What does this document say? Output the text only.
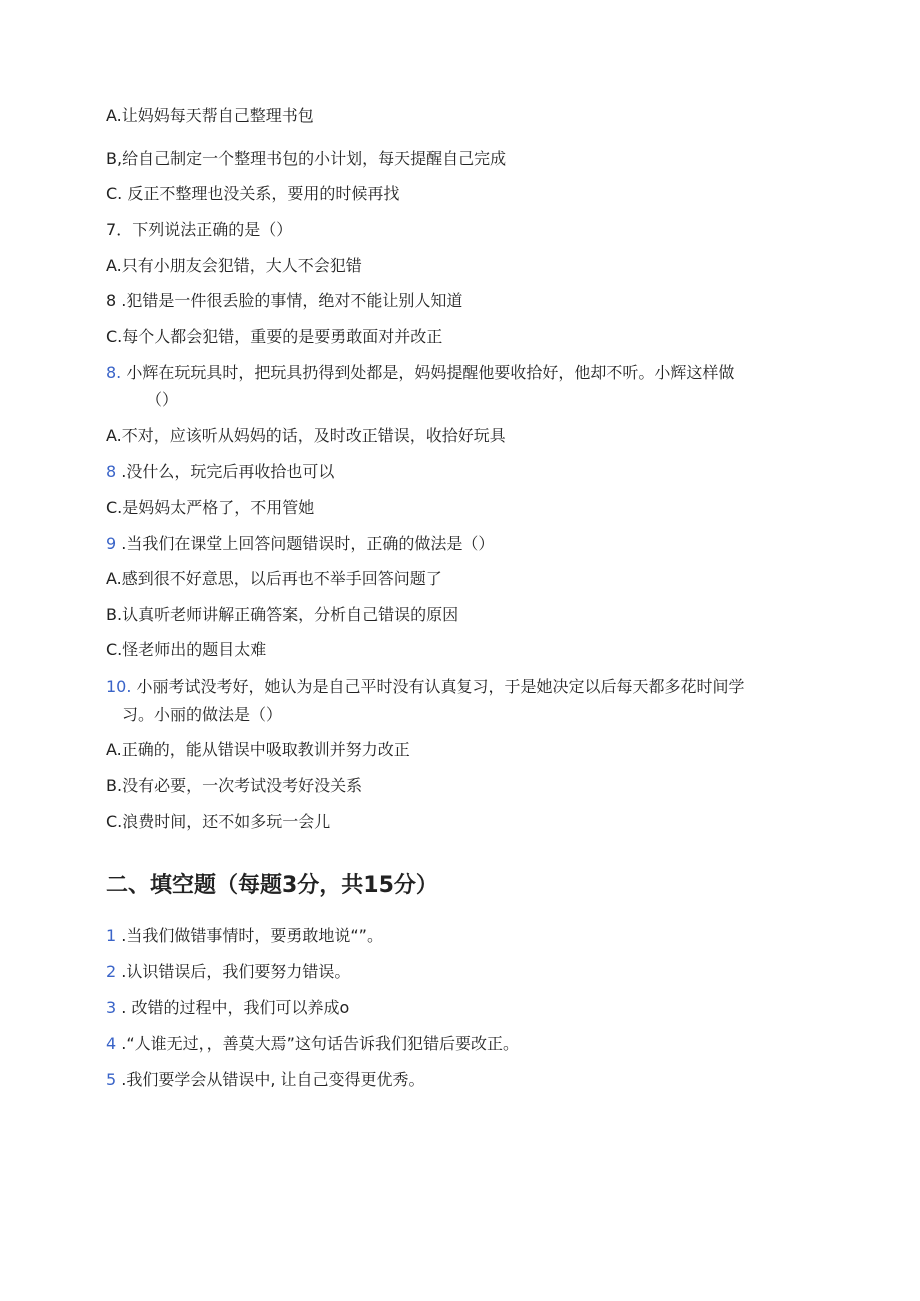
A.让妈妈每天帮自己整理书包
B,给自己制定一个整理书包的小计划，每天提醒自己完成
C. 反正不整理也没关系，要用的时候再找
7．下列说法正确的是（）
A.只有小朋友会犯错，大人不会犯错
8 .犯错是一件很丢脸的事情，绝对不能让别人知道
C.每个人都会犯错，重要的是要勇敢面对并改正
8. 小辉在玩玩具时，把玩具扔得到处都是，妈妈提醒他要收拾好，他却不听。小辉这样做
（）
A.不对，应该听从妈妈的话，及时改正错误，收拾好玩具
8 .没什么，玩完后再收拾也可以
C.是妈妈太严格了，不用管她
9 .当我们在课堂上回答问题错误时，正确的做法是（）
A.感到很不好意思，以后再也不举手回答问题了
B.认真听老师讲解正确答案，分析自己错误的原因
C.怪老师出的题目太难
10. 小丽考试没考好，她认为是自己平时没有认真复习，于是她决定以后每天都多花时间学
习。小丽的做法是（）
A.正确的，能从错误中吸取教训并努力改正
B.没有必要，一次考试没考好没关系
C.浪费时间，还不如多玩一会儿
二、填空题（每题3分，共15分）
1 .当我们做错事情时，要勇敢地说“”。
2 .认识错误后，我们要努力错误。
3 . 改错的过程中，我们可以养成o
4 .“人谁无过，，善莫大焉”这句话告诉我们犯错后要改正。
5 .我们要学会从错误中, 让自己变得更优秀。
